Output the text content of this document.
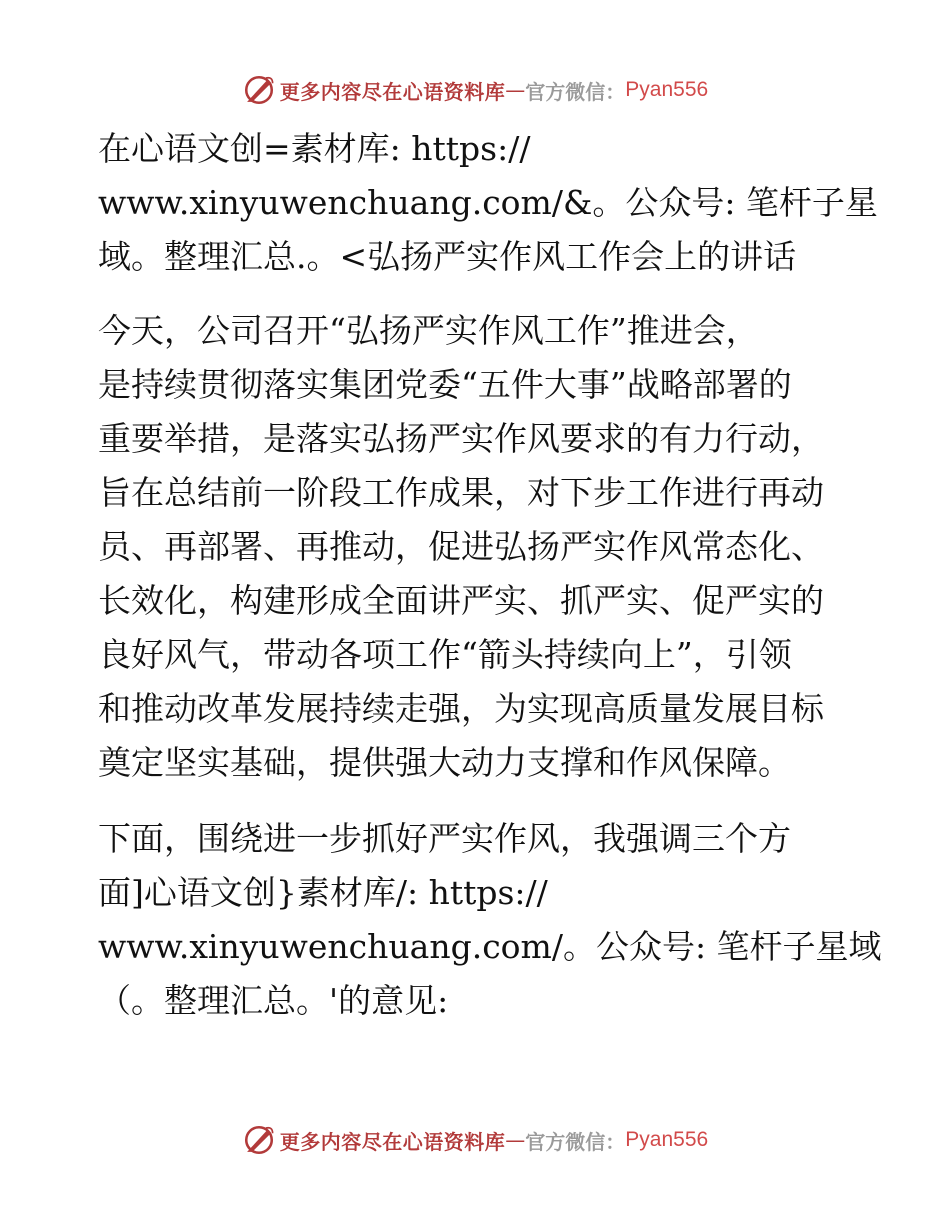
更多内容尽在心语资料库 — 官方微信： Pyan556
在心语文创=素材库: https://
www.xinyuwenchuang.com/&。公众号: 笔杆子星
域。整理汇总.。<弘扬严实作风工作会上的讲话
今天，公司召开“弘扬严实作风工作”推进会，
是持续贯彻落实集团党委“五件大事”战略部署的
重要举措，是落实弘扬严实作风要求的有力行动，
旨在总结前一阶段工作成果，对下步工作进行再动
员、再部署、再推动，促进弘扬严实作风常态化、
长效化，构建形成全面讲严实、抓严实、促严实的
良好风气，带动各项工作“箭头持续向上”，引领
和推动改革发展持续走强，为实现高质量发展目标
奠定坚实基础，提供强大动力支撑和作风保障。
下面，围绕进一步抓好严实作风，我强调三个方
面]心语文创}素材库/: https://
www.xinyuwenchuang.com/。公众号: 笔杆子星域
（。整理汇总。'的意见:
更多内容尽在心语资料库 — 官方微信： Pyan556
